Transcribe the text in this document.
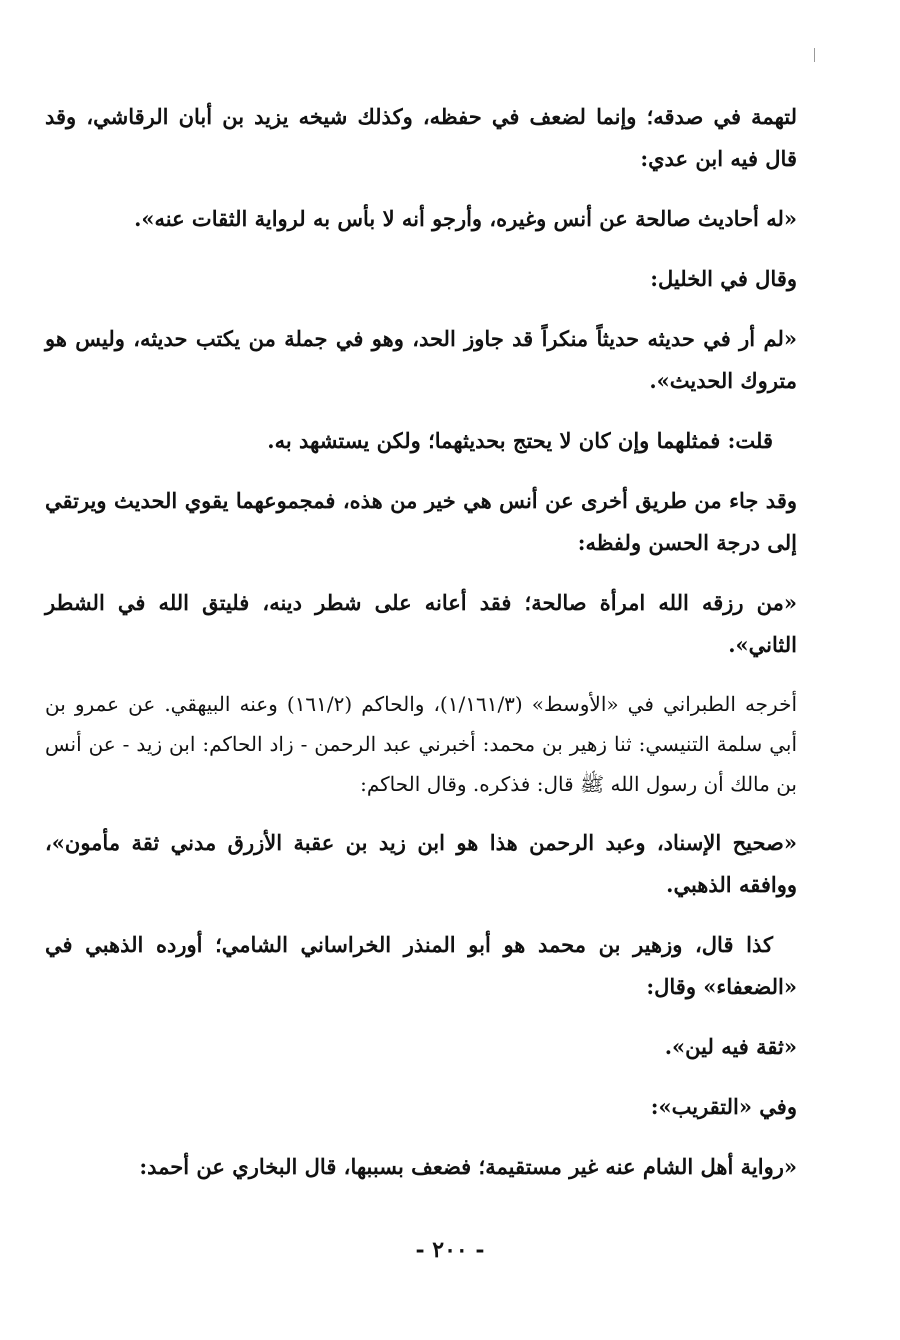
لتهمة في صدقه؛ وإنما لضعف في حفظه، وكذلك شيخه يزيد بن أبان الرقاشي، وقد قال فيه ابن عدي:

«له أحاديث صالحة عن أنس وغيره، وأرجو أنه لا بأس به لرواية الثقات عنه».

وقال في الخليل:

«لم أر في حديثه حديثاً منكراً قد جاوز الحد، وهو في جملة من يكتب حديثه، وليس هو متروك الحديث».

قلت: فمثلهما وإن كان لا يحتج بحديثهما؛ ولكن يستشهد به.

وقد جاء من طريق أخرى عن أنس هي خير من هذه، فمجموعهما يقوي الحديث ويرتقي إلى درجة الحسن ولفظه:

«من رزقه الله امرأة صالحة؛ فقد أعانه على شطر دينه، فليتق الله في الشطر الثاني».

أخرجه الطبراني في «الأوسط» (١/١٦١/٣)، والحاكم (١٦١/٢) وعنه البيهقي. عن عمرو بن أبي سلمة التنيسي: ثنا زهير بن محمد: أخبرني عبد الرحمن - زاد الحاكم: ابن زيد - عن أنس بن مالك أن رسول الله ﷺ قال: فذكره. وقال الحاكم:

«صحيح الإسناد، وعبد الرحمن هذا هو ابن زيد بن عقبة الأزرق مدني ثقة مأمون»، ووافقه الذهبي.

كذا قال، وزهير بن محمد هو أبو المنذر الخراساني الشامي؛ أورده الذهبي في «الضعفاء» وقال:

«ثقة فيه لين».

وفي «التقريب»:

«رواية أهل الشام عنه غير مستقيمة؛ فضعف بسببها، قال البخاري عن أحمد:

- ٢٠٠ -
